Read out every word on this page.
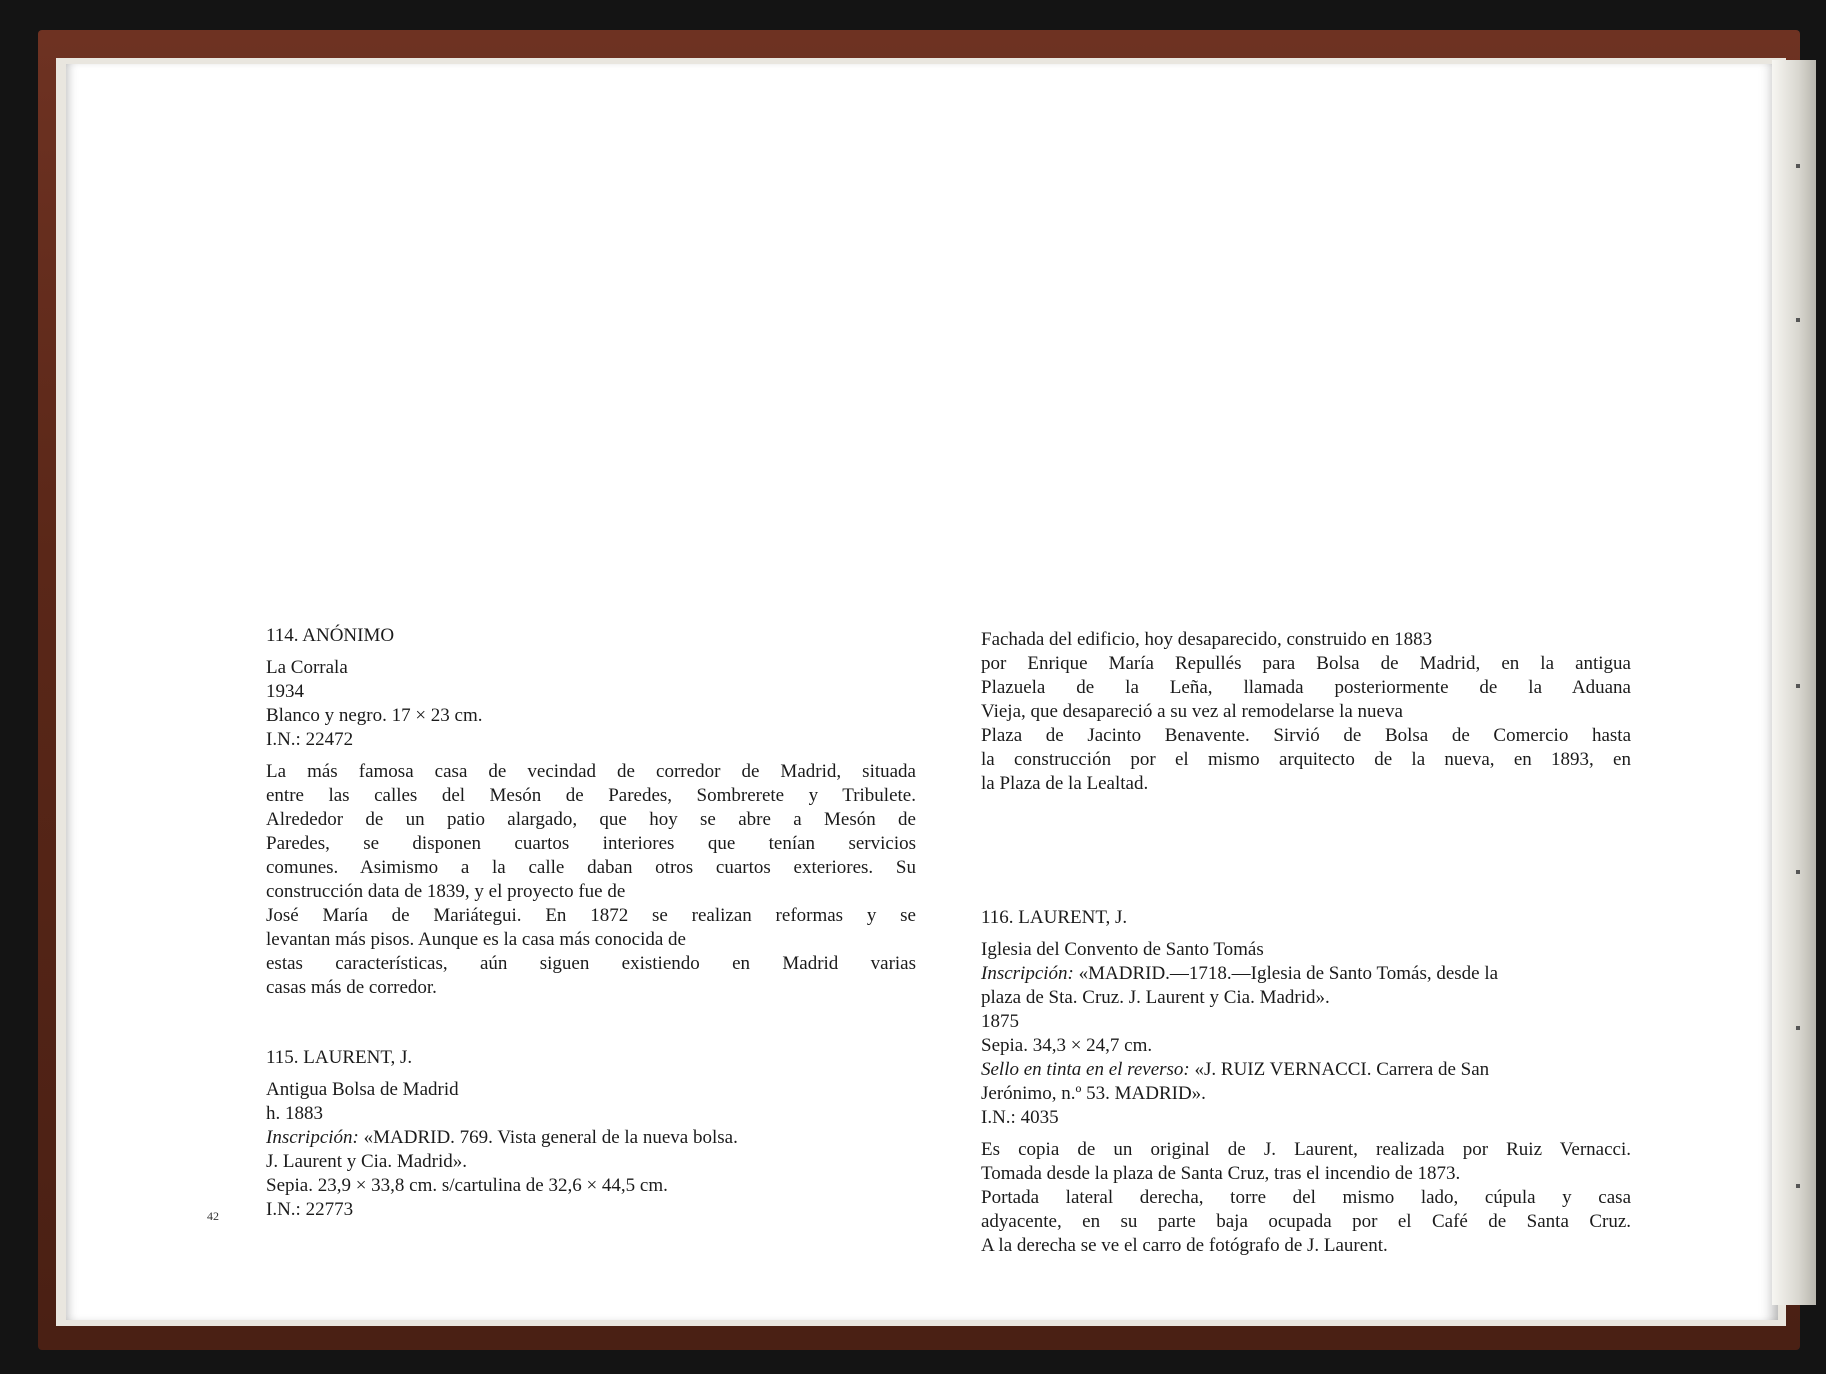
114. ANÓNIMO

La Corrala

1934

Blanco y negro. 17 × 23 cm.

I.N.: 22472

La más famosa casa de vecindad de corredor de Madrid, situada

entre las calles del Mesón de Paredes, Sombrerete y Tribulete.

Alrededor de un patio alargado, que hoy se abre a Mesón de

Paredes, se disponen cuartos interiores que tenían servicios

comunes. Asimismo a la calle daban otros cuartos exteriores. Su

construcción data de 1839, y el proyecto fue de

José María de Mariátegui. En 1872 se realizan reformas y se

levantan más pisos. Aunque es la casa más conocida de

estas características, aún siguen existiendo en Madrid varias

casas más de corredor.

115. LAURENT, J.

Antigua Bolsa de Madrid

h. 1883

Inscripción: «MADRID. 769. Vista general de la nueva bolsa.

J. Laurent y Cia. Madrid».

Sepia. 23,9 × 33,8 cm. s/cartulina de 32,6 × 44,5 cm.

I.N.: 22773

42

Fachada del edificio, hoy desaparecido, construido en 1883

por Enrique María Repullés para Bolsa de Madrid, en la antigua

Plazuela de la Leña, llamada posteriormente de la Aduana

Vieja, que desapareció a su vez al remodelarse la nueva

Plaza de Jacinto Benavente. Sirvió de Bolsa de Comercio hasta

la construcción por el mismo arquitecto de la nueva, en 1893, en

la Plaza de la Lealtad.

116. LAURENT, J.

Iglesia del Convento de Santo Tomás

Inscripción: «MADRID.—1718.—Iglesia de Santo Tomás, desde la

plaza de Sta. Cruz. J. Laurent y Cia. Madrid».

1875

Sepia. 34,3 × 24,7 cm.

Sello en tinta en el reverso: «J. RUIZ VERNACCI. Carrera de San

Jerónimo, n.º 53. MADRID».

I.N.: 4035

Es copia de un original de J. Laurent, realizada por Ruiz Vernacci.

Tomada desde la plaza de Santa Cruz, tras el incendio de 1873.

Portada lateral derecha, torre del mismo lado, cúpula y casa

adyacente, en su parte baja ocupada por el Café de Santa Cruz.

A la derecha se ve el carro de fotógrafo de J. Laurent.
